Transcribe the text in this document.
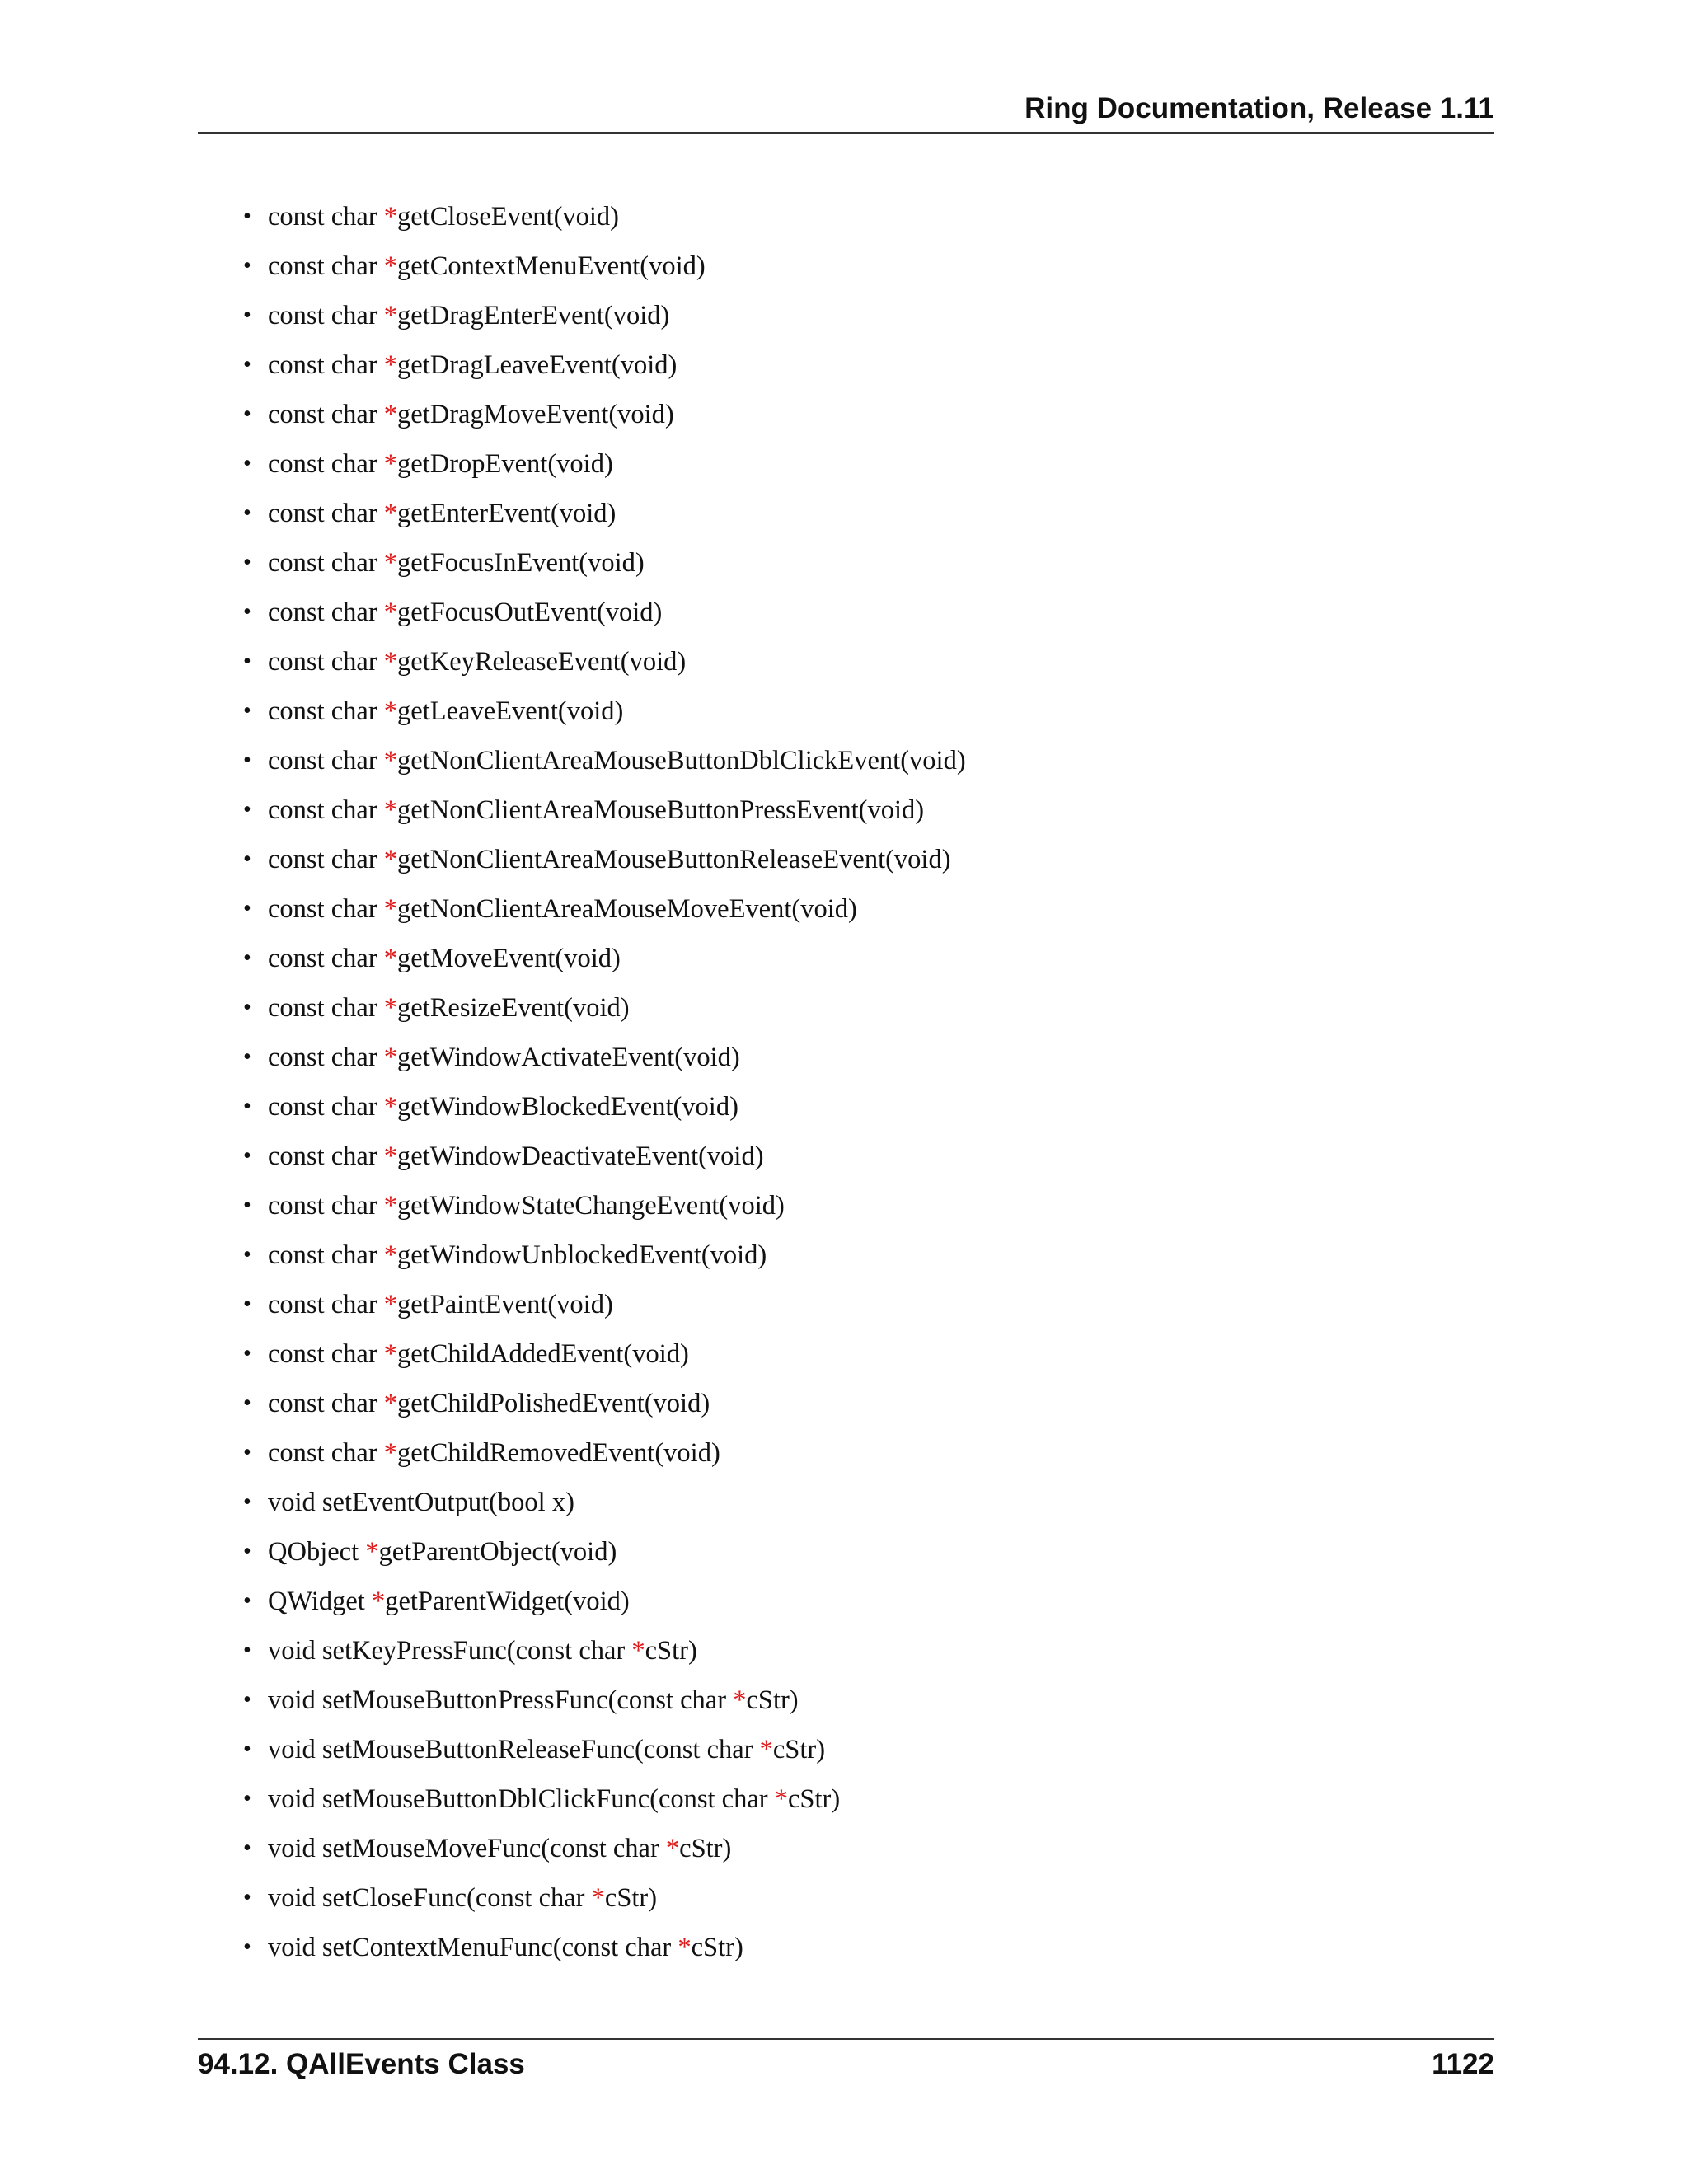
Ring Documentation, Release 1.11
• const char *getCloseEvent(void)
• const char *getContextMenuEvent(void)
• const char *getDragEnterEvent(void)
• const char *getDragLeaveEvent(void)
• const char *getDragMoveEvent(void)
• const char *getDropEvent(void)
• const char *getEnterEvent(void)
• const char *getFocusInEvent(void)
• const char *getFocusOutEvent(void)
• const char *getKeyReleaseEvent(void)
• const char *getLeaveEvent(void)
• const char *getNonClientAreaMouseButtonDblClickEvent(void)
• const char *getNonClientAreaMouseButtonPressEvent(void)
• const char *getNonClientAreaMouseButtonReleaseEvent(void)
• const char *getNonClientAreaMouseMoveEvent(void)
• const char *getMoveEvent(void)
• const char *getResizeEvent(void)
• const char *getWindowActivateEvent(void)
• const char *getWindowBlockedEvent(void)
• const char *getWindowDeactivateEvent(void)
• const char *getWindowStateChangeEvent(void)
• const char *getWindowUnblockedEvent(void)
• const char *getPaintEvent(void)
• const char *getChildAddedEvent(void)
• const char *getChildPolishedEvent(void)
• const char *getChildRemovedEvent(void)
• void setEventOutput(bool x)
• QObject *getParentObject(void)
• QWidget *getParentWidget(void)
• void setKeyPressFunc(const char *cStr)
• void setMouseButtonPressFunc(const char *cStr)
• void setMouseButtonReleaseFunc(const char *cStr)
• void setMouseButtonDblClickFunc(const char *cStr)
• void setMouseMoveFunc(const char *cStr)
• void setCloseFunc(const char *cStr)
• void setContextMenuFunc(const char *cStr)
94.12. QAllEvents Class	1122
